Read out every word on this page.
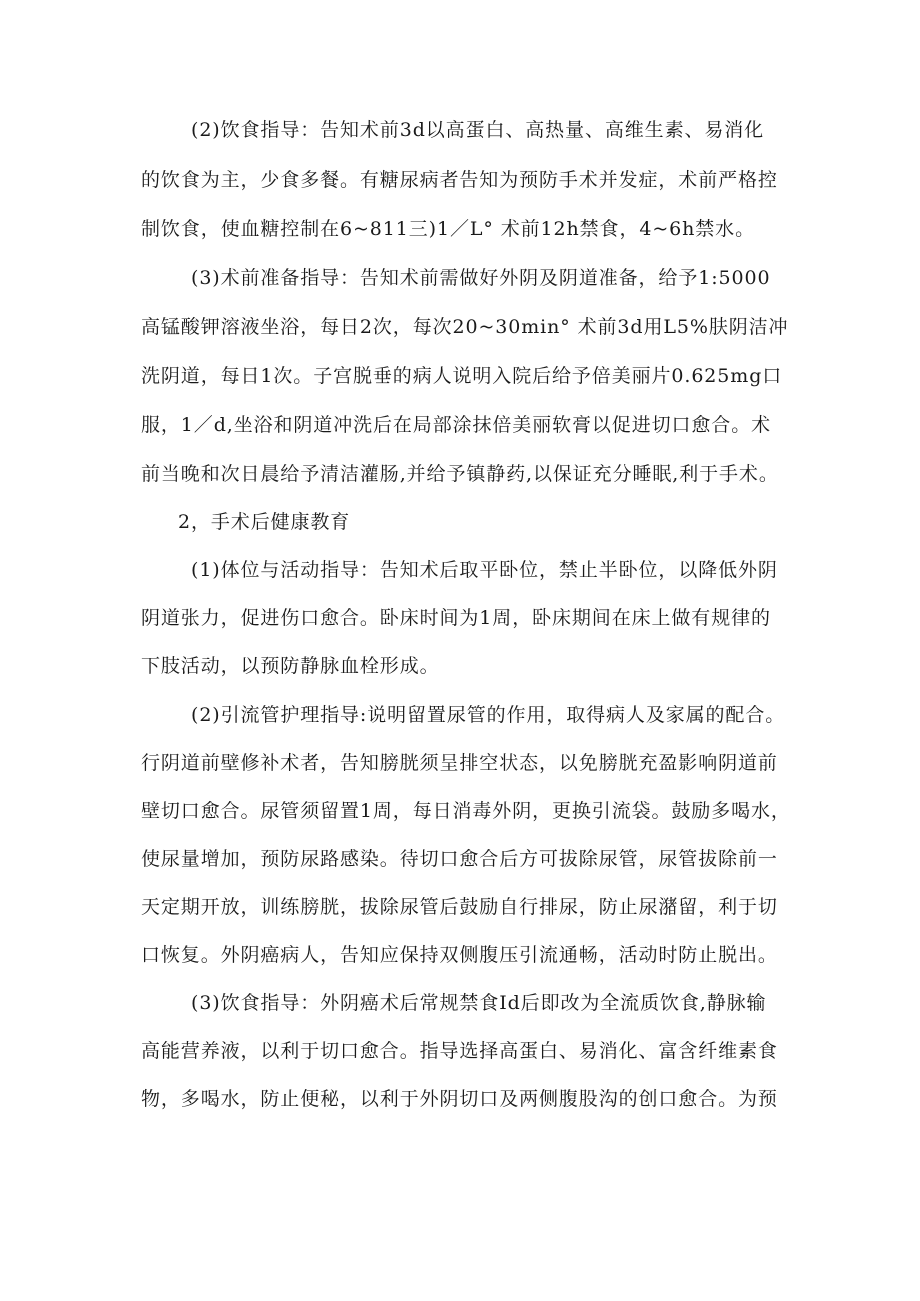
(2)饮食指导：告知术前3d以高蛋白、高热量、高维生素、易消化
的饮食为主，少食多餐。有糖尿病者告知为预防手术并发症，术前严格控
制饮食，使血糖控制在6~811三)1／L° 术前12h禁食，4~6h禁水。
(3)术前准备指导：告知术前需做好外阴及阴道准备，给予1:5000
高锰酸钾溶液坐浴，每日2次，每次20~30min° 术前3d用L5%肤阴洁冲
洗阴道，每日1次。子宫脱垂的病人说明入院后给予倍美丽片0.625mg口
服，1／d,坐浴和阴道冲洗后在局部涂抹倍美丽软膏以促进切口愈合。术
前当晚和次日晨给予清洁灌肠,并给予镇静药,以保证充分睡眠,利于手术。
2，手术后健康教育
(1)体位与活动指导：告知术后取平卧位，禁止半卧位，以降低外阴
阴道张力，促进伤口愈合。卧床时间为1周，卧床期间在床上做有规律的
下肢活动，以预防静脉血栓形成。
(2)引流管护理指导:说明留置尿管的作用，取得病人及家属的配合。
行阴道前壁修补术者，告知膀胱须呈排空状态，以免膀胱充盈影响阴道前
壁切口愈合。尿管须留置1周，每日消毒外阴，更换引流袋。鼓励多喝水，
使尿量增加，预防尿路感染。待切口愈合后方可拔除尿管，尿管拔除前一
天定期开放，训练膀胱，拔除尿管后鼓励自行排尿，防止尿潴留，利于切
口恢复。外阴癌病人，告知应保持双侧腹压引流通畅，活动时防止脱出。
(3)饮食指导：外阴癌术后常规禁食Id后即改为全流质饮食,静脉输
高能营养液，以利于切口愈合。指导选择高蛋白、易消化、富含纤维素食
物，多喝水，防止便秘，以利于外阴切口及两侧腹股沟的创口愈合。为预
